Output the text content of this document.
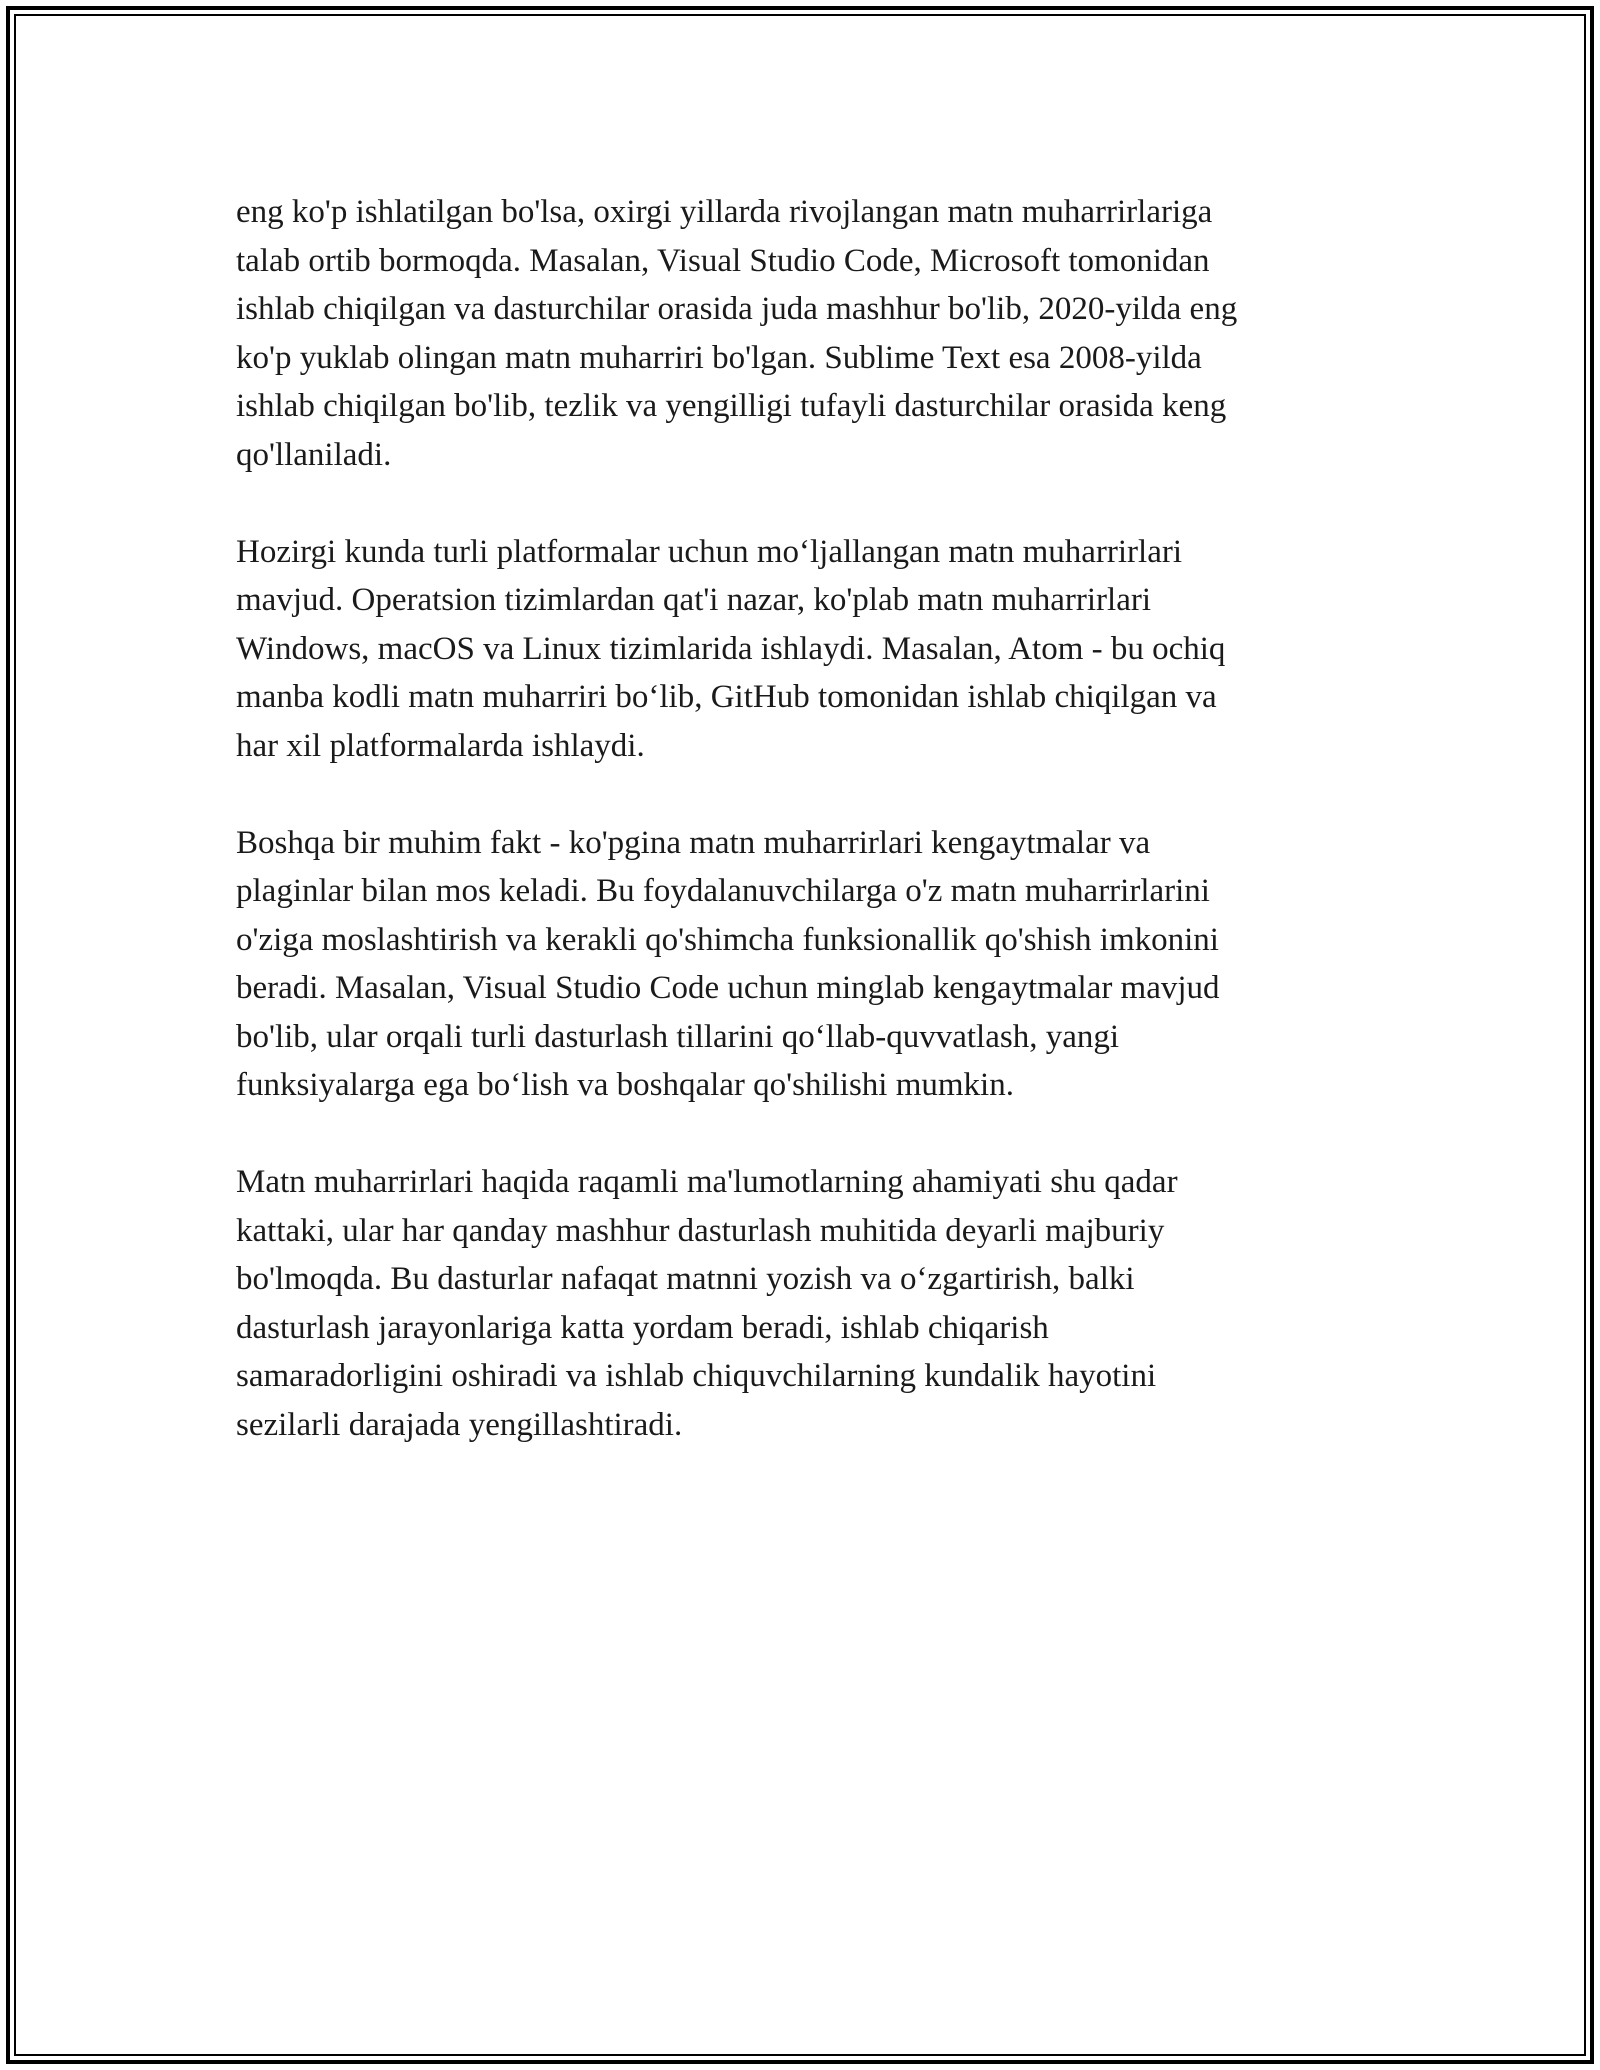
eng ko'p ishlatilgan bo'lsa, oxirgi yillarda rivojlangan matn muharrirlariga
talab ortib bormoqda. Masalan, Visual Studio Code, Microsoft tomonidan
ishlab chiqilgan va dasturchilar orasida juda mashhur bo'lib, 2020-yilda eng
ko'p yuklab olingan matn muharriri bo'lgan. Sublime Text esa 2008-yilda
ishlab chiqilgan bo'lib, tezlik va yengilligi tufayli dasturchilar orasida keng
qo'llaniladi.

Hozirgi kunda turli platformalar uchun mo‘ljallangan matn muharrirlari
mavjud. Operatsion tizimlardan qat'i nazar, ko'plab matn muharrirlari
Windows, macOS va Linux tizimlarida ishlaydi. Masalan, Atom - bu ochiq
manba kodli matn muharriri bo‘lib, GitHub tomonidan ishlab chiqilgan va
har xil platformalarda ishlaydi.

Boshqa bir muhim fakt - ko'pgina matn muharrirlari kengaytmalar va
plaginlar bilan mos keladi. Bu foydalanuvchilarga o'z matn muharrirlarini
o'ziga moslashtirish va kerakli qo'shimcha funksionallik qo'shish imkonini
beradi. Masalan, Visual Studio Code uchun minglab kengaytmalar mavjud
bo'lib, ular orqali turli dasturlash tillarini qo‘llab-quvvatlash, yangi
funksiyalarga ega bo‘lish va boshqalar qo'shilishi mumkin.

Matn muharrirlari haqida raqamli ma'lumotlarning ahamiyati shu qadar
kattaki, ular har qanday mashhur dasturlash muhitida deyarli majburiy
bo'lmoqda. Bu dasturlar nafaqat matnni yozish va o‘zgartirish, balki
dasturlash jarayonlariga katta yordam beradi, ishlab chiqarish
samaradorligini oshiradi va ishlab chiquvchilarning kundalik hayotini
sezilarli darajada yengillashtiradi.
